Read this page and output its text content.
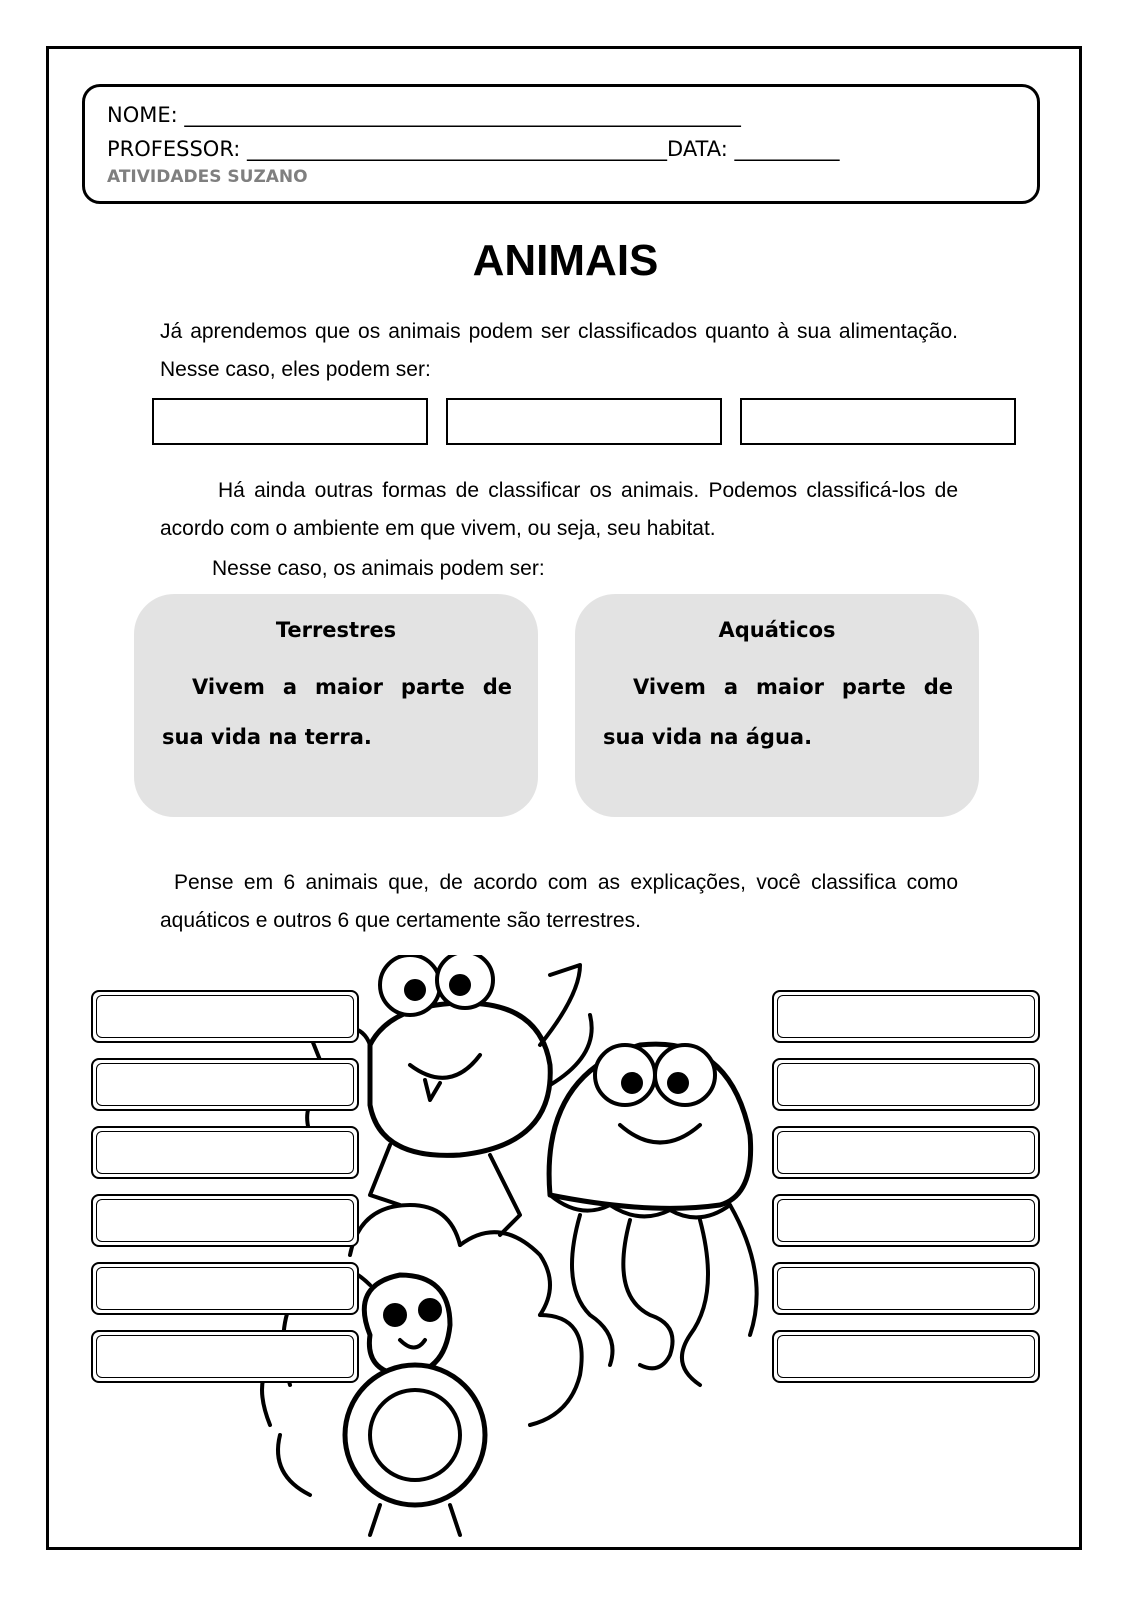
NOME: _____________________________________________________
PROFESSOR: ________________________________________DATA: __________
ATIVIDADES SUZANO
ANIMAIS
Já aprendemos que os animais podem ser classificados quanto à sua alimentação. Nesse caso, eles podem ser:
Há ainda outras formas de classificar os animais. Podemos classificá-los de acordo com o ambiente em que vivem, ou seja, seu habitat.
Nesse caso, os animais podem ser:
Terrestres
Vivem a maior parte de sua vida na terra.
Aquáticos
Vivem a maior parte de sua vida na água.
Pense em 6 animais que, de acordo com as explicações, você classifica como aquáticos e outros 6 que certamente são terrestres.
